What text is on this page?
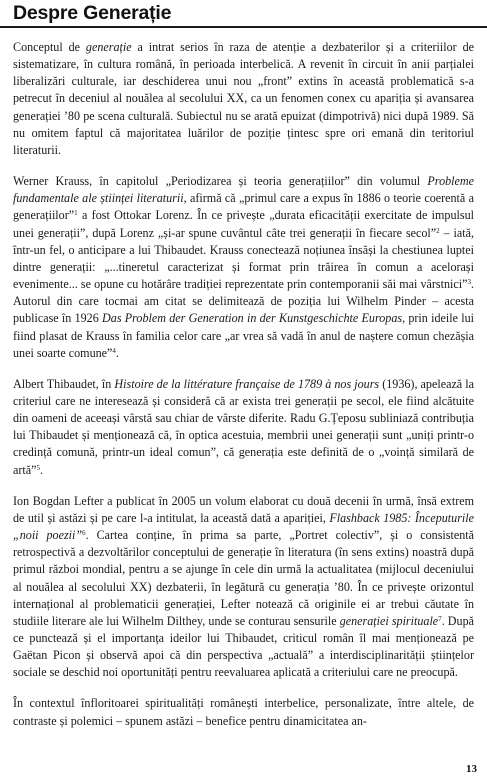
Despre Generație

Conceptul de generație a intrat serios în raza de atenție a dezbaterilor și a criteriilor de sistematizare, în cultura română, în perioada interbelică. A revenit în circuit în anii parțialei liberalizări culturale, iar deschiderea unui nou „front” extins în această problematică s-a petrecut în deceniul al nouălea al secolului XX, ca un fenomen conex cu apariția și avansarea generației ’80 pe scena culturală. Subiectul nu se arată epuizat (dimpotrivă) nici după 1989. Să nu omitem faptul că majoritatea luărilor de poziție țintesc spre ori emană din teritoriul literaturii.

Werner Krauss, în capitolul „Periodizarea și teoria generațiilor” din volumul Probleme fundamentale ale științei literaturii, afirmă că „primul care a expus în 1886 o teorie coerentă a generațiilor”$^1$ a fost Ottokar Lorenz. În ce privește „durata eficacității exercitate de impulsul unei generații”, după Lorenz „și-ar spune cuvântul câte trei generații în fiecare secol”$^2$ – iată, într-un fel, o anticipare a lui Thibaudet. Krauss conectează noțiunea însăși la chestiunea luptei dintre generații: „...tineretul caracterizat și format prin trăirea în comun a acelorași evenimente... se opune cu hotărâre tradiției reprezentate prin contemporanii săi mai vârstnici”$^3$. Autorul din care tocmai am citat se delimitează de poziția lui Wilhelm Pinder – acesta publicase în 1926 Das Problem der Generation in der Kunstgeschichte Europas, prin ideile lui fiind plasat de Krauss în familia celor care „ar vrea să vadă în anul de naștere comun chezășia unei soarte comune”$^4$.

Albert Thibaudet, în Histoire de la littérature française de 1789 à nos jours (1936), apelează la criteriul care ne interesează și consideră că ar exista trei generații pe secol, ele fiind alcătuite din oameni de aceeași vârstă sau chiar de vârste diferite. Radu G.Țeposu subliniază contribuția lui Thibaudet și menționează că, în optica acestuia, membrii unei generații sunt „uniți printr-o credință comună, printr-un ideal comun”, că generația este definită de o „voință similară de artă”$^5$.

Ion Bogdan Lefter a publicat în 2005 un volum elaborat cu două decenii în urmă, însă extrem de util și astăzi și pe care l-a intitulat, la această dată a apariției, Flashback 1985: Începuturile „noii poezii”$^6$. Cartea conține, în prima sa parte, „Portret colectiv”, și o consistentă retrospectivă a dezvoltărilor conceptului de generație în literatura (în sens extins) noastră după primul război mondial, pentru a se ajunge în cele din urmă la actualitatea (mijlocul deceniului al nouălea al secolului XX) dezbaterii, în legătură cu generația ’80. În ce privește orizontul internațional al problematicii generației, Lefter notează că originile ei ar trebui căutate în studiile literare ale lui Wilhelm Dilthey, unde se conturau sensurile generației spirituale$^7$. După ce punctează și el importanța ideilor lui Thibaudet, criticul român îl mai menționează pe Gaëtan Picon și observă apoi că din perspectiva „actuală” a interdisciplinarității științelor sociale se deschid noi oportunități pentru reevaluarea aplicată a criteriului care ne preocupă.

În contextul înfloritoarei spiritualități românești interbelice, personalizate, între altele, de contraste și polemici – spunem astăzi – benefice pentru dinamicitatea an-

13
